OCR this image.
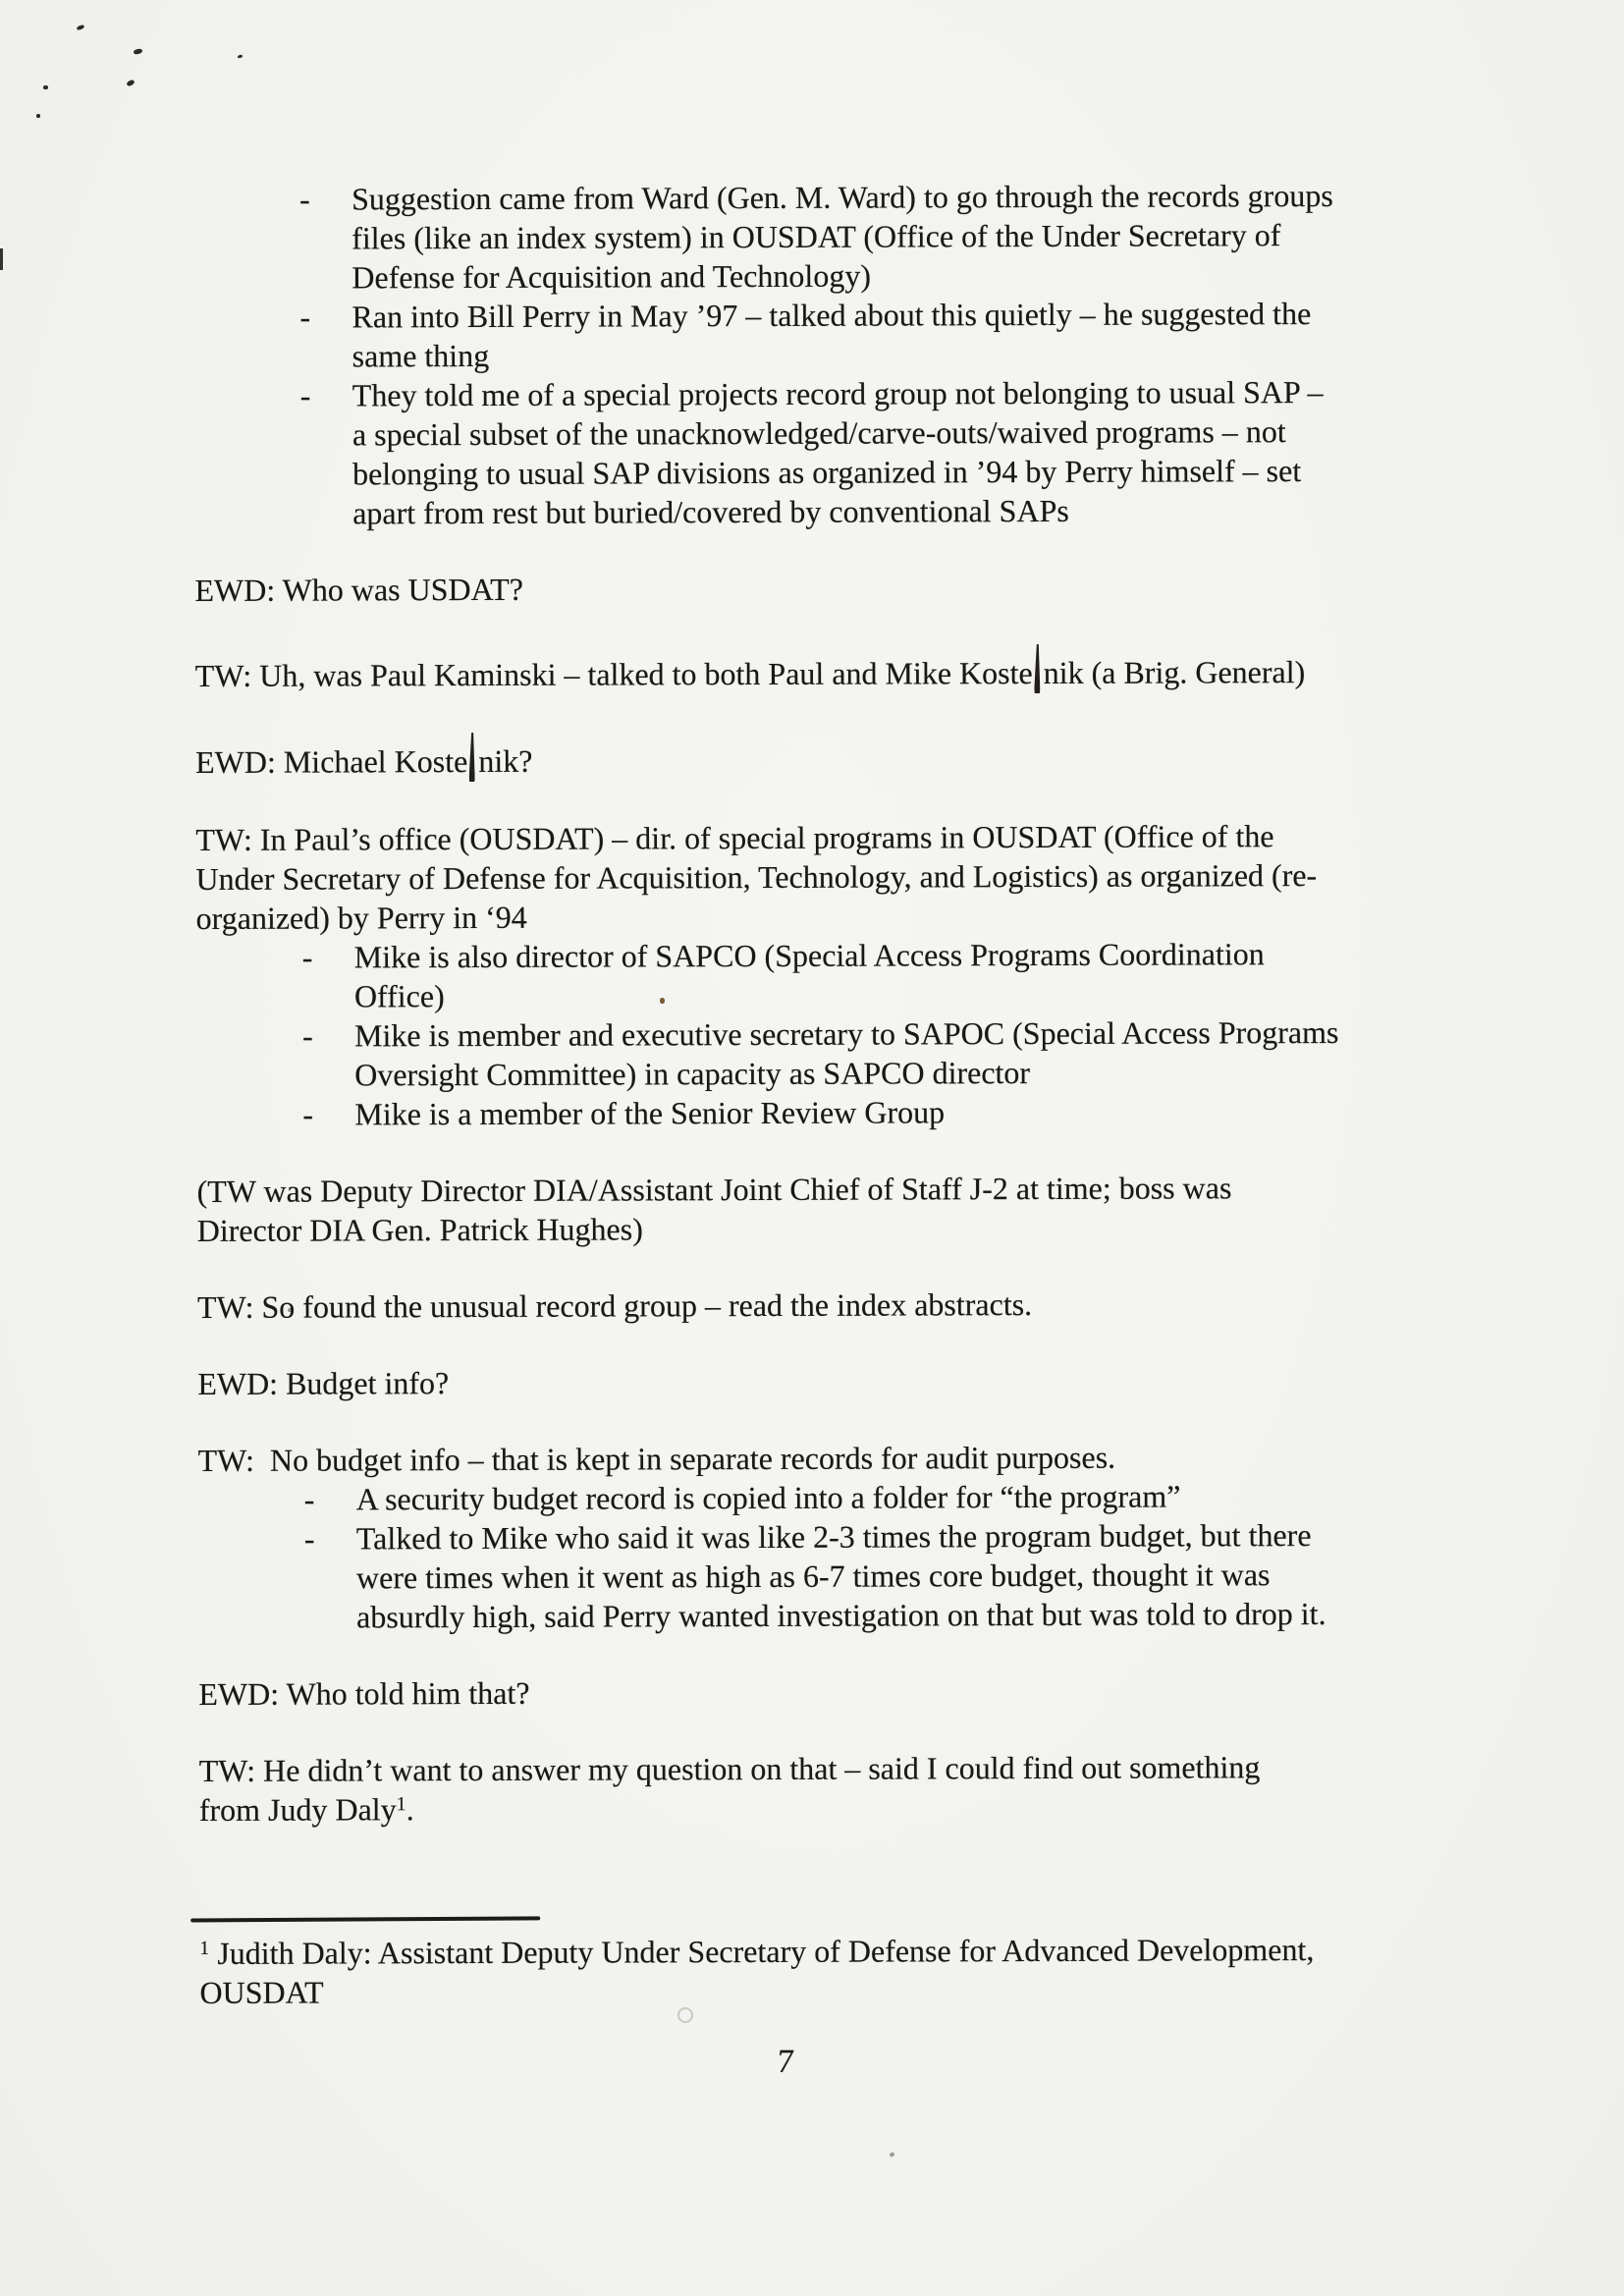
- Suggestion came from Ward (Gen. M. Ward) to go through the records groups
files (like an index system) in OUSDAT (Office of the Under Secretary of
Defense for Acquisition and Technology)
- Ran into Bill Perry in May ’97 – talked about this quietly – he suggested the
same thing
- They told me of a special projects record group not belonging to usual SAP –
a special subset of the unacknowledged/carve-outs/waived programs – not
belonging to usual SAP divisions as organized in ’94 by Perry himself – set
apart from rest but buried/covered by conventional SAPs
EWD: Who was USDAT?
TW: Uh, was Paul Kaminski – talked to both Paul and Mike Koste nik (a Brig. General)
EWD: Michael Koste nik?
TW: In Paul’s office (OUSDAT) – dir. of special programs in OUSDAT (Office of the
Under Secretary of Defense for Acquisition, Technology, and Logistics) as organized (re-
organized) by Perry in ‘94
- Mike is also director of SAPCO (Special Access Programs Coordination
Office)
- Mike is member and executive secretary to SAPOC (Special Access Programs
Oversight Committee) in capacity as SAPCO director
- Mike is a member of the Senior Review Group
(TW was Deputy Director DIA/Assistant Joint Chief of Staff J-2 at time; boss was
Director DIA Gen. Patrick Hughes)
TW: So found the unusual record group – read the index abstracts.
EWD: Budget info?
TW:  No budget info – that is kept in separate records for audit purposes.
- A security budget record is copied into a folder for “the program”
- Talked to Mike who said it was like 2-3 times the program budget, but there
were times when it went as high as 6-7 times core budget, thought it was
absurdly high, said Perry wanted investigation on that but was told to drop it.
EWD: Who told him that?
TW: He didn’t want to answer my question on that – said I could find out something
from Judy Daly$^1$.
$^1$ Judith Daly: Assistant Deputy Under Secretary of Defense for Advanced Development,
OUSDAT
7
